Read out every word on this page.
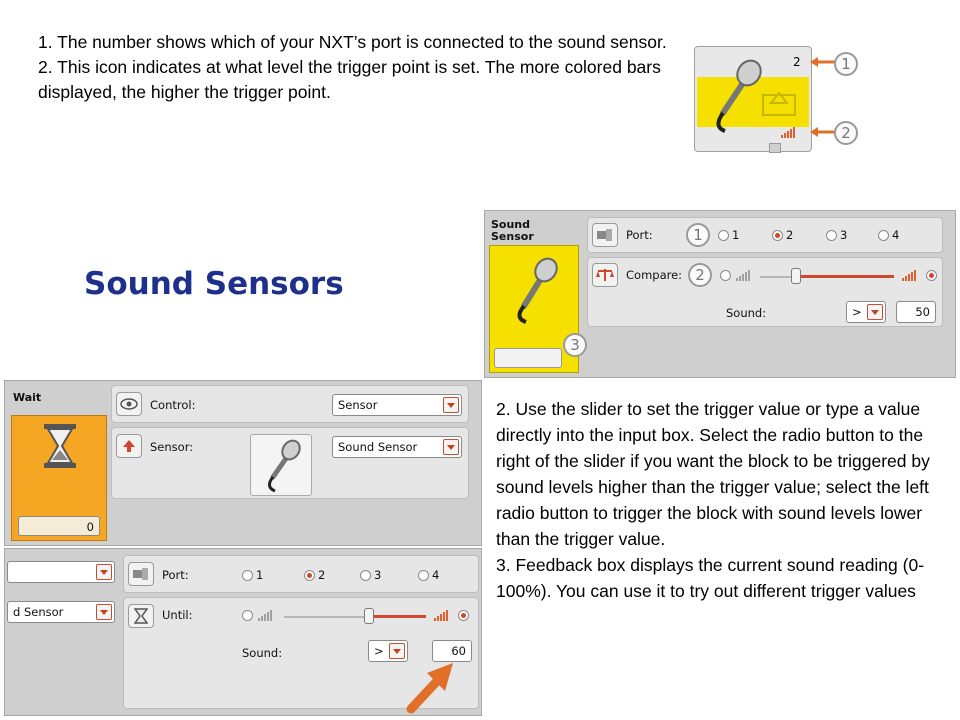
1. The number shows which of your NXT’s port is connected to the sound sensor.

2. This icon indicates at what level the trigger point is set. The more colored bars displayed, the higher the trigger point.

2	1
2
Sound Sensors
Sound Sensor
3
Port:	1	1	2	3	4
Compare: 2
Sound:	>	50
Wait
0
Control:	Sensor
Sensor:	Sound Sensor
d Sensor
Port:	1	2	3	4
Until:
Sound:	>	60

2. Use the slider to set the trigger value or type a value directly into the input box. Select the radio button to the right of the slider if you want the block to be triggered by sound levels higher than the trigger value; select the left radio button to trigger the block with sound levels lower than the trigger value.

3. Feedback box displays the current sound reading (0-100%). You can use it to try out different trigger values
